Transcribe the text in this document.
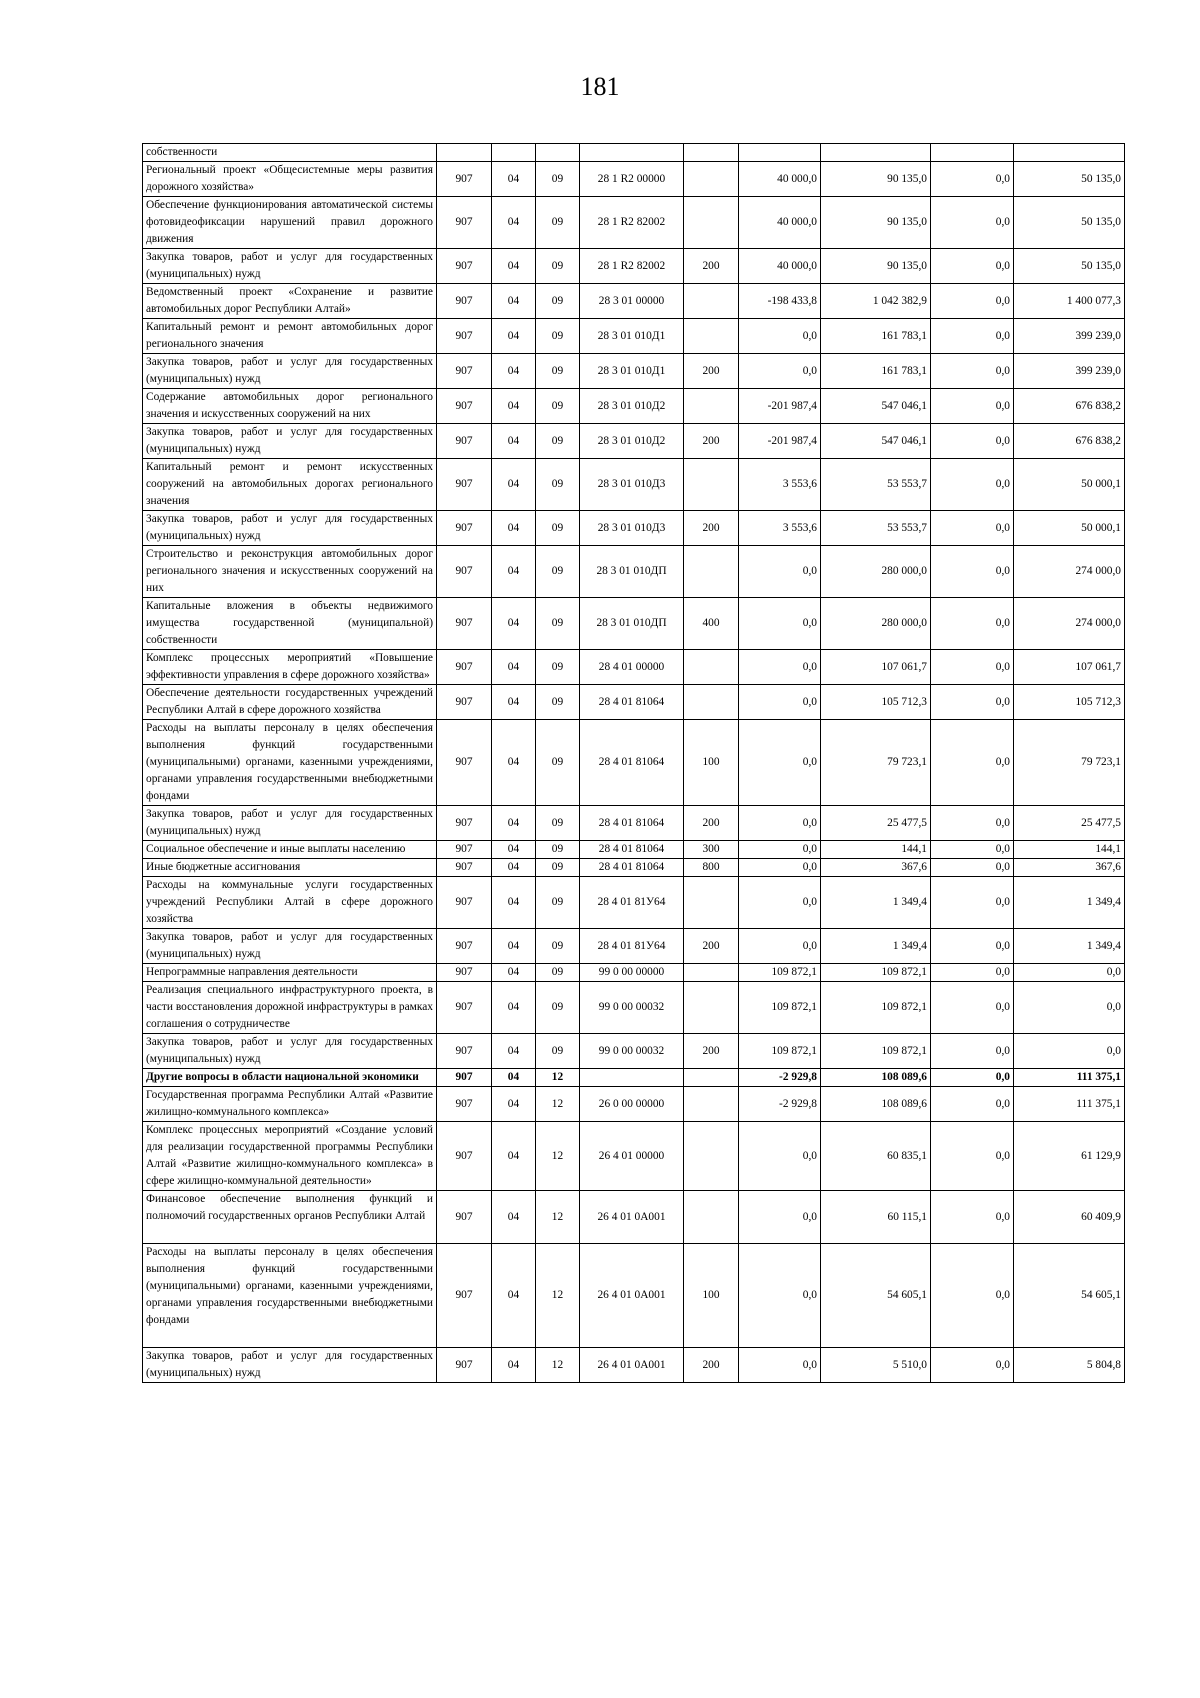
181
собственности									
Региональный проект «Общесистемные меры развития дорожного хозяйства»	907	04	09	28 1 R2 00000		40 000,0	90 135,0	0,0	50 135,0
Обеспечение функционирования автоматической системы фотовидеофиксации нарушений правил дорожного движения	907	04	09	28 1 R2 82002		40 000,0	90 135,0	0,0	50 135,0
Закупка товаров, работ и услуг для государственных (муниципальных) нужд	907	04	09	28 1 R2 82002	200	40 000,0	90 135,0	0,0	50 135,0
Ведомственный проект «Сохранение и развитие автомобильных дорог Республики Алтай»	907	04	09	28 3 01 00000		-198 433,8	1 042 382,9	0,0	1 400 077,3
Капитальный ремонт и ремонт автомобильных дорог регионального значения	907	04	09	28 3 01 010Д1		0,0	161 783,1	0,0	399 239,0
Закупка товаров, работ и услуг для государственных (муниципальных) нужд	907	04	09	28 3 01 010Д1	200	0,0	161 783,1	0,0	399 239,0
Содержание автомобильных дорог регионального значения и искусственных сооружений на них	907	04	09	28 3 01 010Д2		-201 987,4	547 046,1	0,0	676 838,2
Закупка товаров, работ и услуг для государственных (муниципальных) нужд	907	04	09	28 3 01 010Д2	200	-201 987,4	547 046,1	0,0	676 838,2
Капитальный ремонт и ремонт искусственных сооружений на автомобильных дорогах регионального значения	907	04	09	28 3 01 010Д3		3 553,6	53 553,7	0,0	50 000,1
Закупка товаров, работ и услуг для государственных (муниципальных) нужд	907	04	09	28 3 01 010Д3	200	3 553,6	53 553,7	0,0	50 000,1
Строительство и реконструкция автомобильных дорог регионального значения и искусственных сооружений на них	907	04	09	28 3 01 010ДП		0,0	280 000,0	0,0	274 000,0
Капитальные вложения в объекты недвижимого имущества государственной (муниципальной) собственности	907	04	09	28 3 01 010ДП	400	0,0	280 000,0	0,0	274 000,0
Комплекс процессных мероприятий «Повышение эффективности управления в сфере дорожного хозяйства»	907	04	09	28 4 01 00000		0,0	107 061,7	0,0	107 061,7
Обеспечение деятельности государственных учреждений Республики Алтай в сфере дорожного хозяйства	907	04	09	28 4 01 81064		0,0	105 712,3	0,0	105 712,3
Расходы на выплаты персоналу в целях обеспечения выполнения функций государственными (муниципальными) органами, казенными учреждениями, органами управления государственными внебюджетными фондами	907	04	09	28 4 01 81064	100	0,0	79 723,1	0,0	79 723,1
Закупка товаров, работ и услуг для государственных (муниципальных) нужд	907	04	09	28 4 01 81064	200	0,0	25 477,5	0,0	25 477,5
Социальное обеспечение и иные выплаты населению	907	04	09	28 4 01 81064	300	0,0	144,1	0,0	144,1
Иные бюджетные ассигнования	907	04	09	28 4 01 81064	800	0,0	367,6	0,0	367,6
Расходы на коммунальные услуги государственных учреждений Республики Алтай в сфере дорожного хозяйства	907	04	09	28 4 01 81У64		0,0	1 349,4	0,0	1 349,4
Закупка товаров, работ и услуг для государственных (муниципальных) нужд	907	04	09	28 4 01 81У64	200	0,0	1 349,4	0,0	1 349,4
Непрограммные направления деятельности	907	04	09	99 0 00 00000		109 872,1	109 872,1	0,0	0,0
Реализация специального инфраструктурного проекта, в части восстановления дорожной инфраструктуры в рамках соглашения о сотрудничестве	907	04	09	99 0 00 00032		109 872,1	109 872,1	0,0	0,0
Закупка товаров, работ и услуг для государственных (муниципальных) нужд	907	04	09	99 0 00 00032	200	109 872,1	109 872,1	0,0	0,0
Другие вопросы в области национальной экономики	907	04	12			-2 929,8	108 089,6	0,0	111 375,1
Государственная программа Республики Алтай «Развитие жилищно-коммунального комплекса»	907	04	12	26 0 00 00000		-2 929,8	108 089,6	0,0	111 375,1
Комплекс процессных мероприятий «Создание условий для реализации государственной программы Республики Алтай «Развитие жилищно-коммунального комплекса» в сфере жилищно-коммунальной деятельности»	907	04	12	26 4 01 00000		0,0	60 835,1	0,0	61 129,9
Финансовое обеспечение выполнения функций и полномочий государственных органов Республики Алтай	907	04	12	26 4 01 0А001		0,0	60 115,1	0,0	60 409,9
Расходы на выплаты персоналу в целях обеспечения выполнения функций государственными (муниципальными) органами, казенными учреждениями, органами управления государственными внебюджетными фондами	907	04	12	26 4 01 0А001	100	0,0	54 605,1	0,0	54 605,1
Закупка товаров, работ и услуг для государственных (муниципальных) нужд	907	04	12	26 4 01 0А001	200	0,0	5 510,0	0,0	5 804,8
